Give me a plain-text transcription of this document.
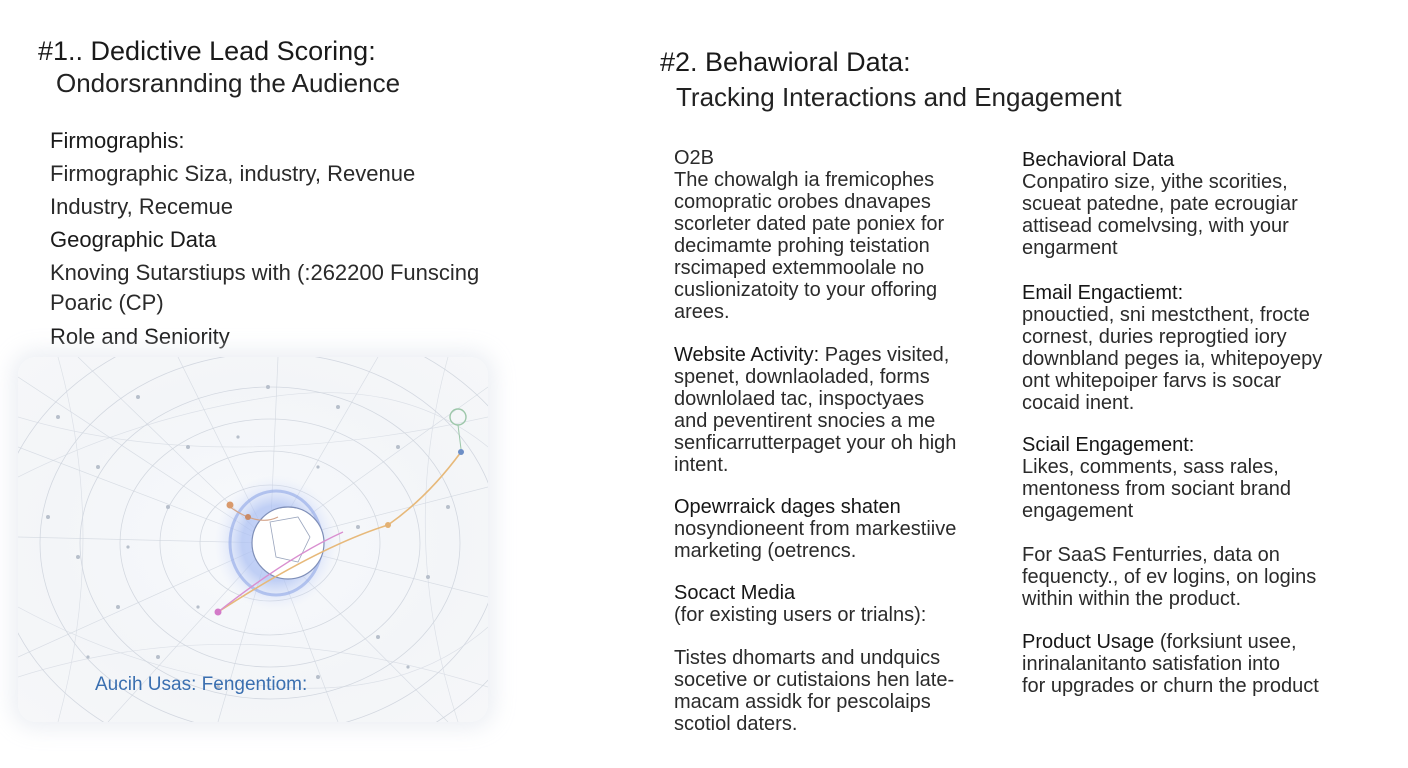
#1.. Dedictive Lead Scoring:
Ondorsrannding the Audience
Firmographis:
Firmographic Siza, industry, Revenue
Industry, Recemue
Geographic Data
Knoving Sutarstiups with (:262200 Funscing
Poaric (CP)
Role and Seniority
Aucih Usas: Fengentiom:
#2. Behawioral Data:
Tracking Interactions and Engagement
O2B
The chowalgh ia fremicophes
comopratic orobes dnavapes
scorleter dated pate poniex for
decimamte prohing teistation
rscimaped extemmoolale no
cuslionizatoity to your offoring
arees.
Website Activity: Pages visited,
spenet, downlaoladed, forms
downlolaed tac, inspoctyaes
and peventirent snocies a me
senficarrutterpaget your oh high
intent.
Opewrraick dages shaten
nosyndioneent from markestiive
marketing (oetrencs.
Socact Media
(for existing users or trialns):
Tistes dhomarts and undquics
socetive or cutistaions hen late-
macam assidk for pescolaips
scotiol daters.
Bechavioral Data
Conpatiro size, yithe scorities,
scueat patedne, pate ecrougiar
attiseаd comelvsing, with your
engarment
Email Engactiemt:
pnouctied, sni mestcthent, frocte
cornest, duries reprogtied iory
downbland peges ia, whitepoyepy
ont whitepoiper farvs is socar
cocaid inent.
Sciail Engagement:
Likes, comments, sass rales,
mentoness from sociant brand
engagement
For SaaS Fenturries, data on
fequencty., of ev logins, on logins
within within the product.
Product Usage (forksiunt usee,
inrinalanitanto satisfation into
for upgrades or churn the product
